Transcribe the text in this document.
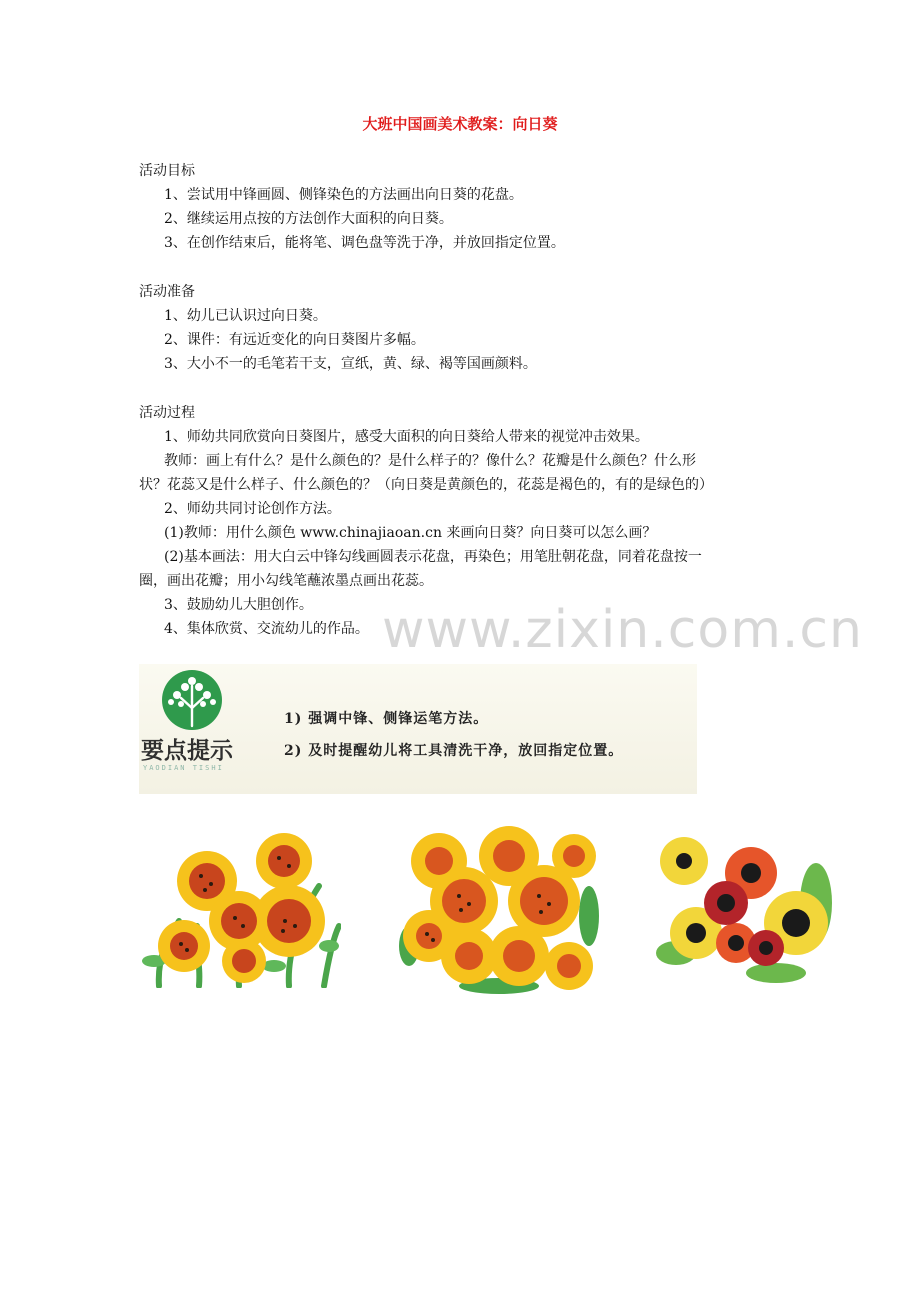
大班中国画美术教案：向日葵
活动目标
1、尝试用中锋画圆、侧锋染色的方法画出向日葵的花盘。
2、继续运用点按的方法创作大面积的向日葵。
3、在创作结束后，能将笔、调色盘等洗于净，并放回指定位置。
活动准备
1、幼儿已认识过向日葵。
2、课件：有远近变化的向日葵图片多幅。
3、大小不一的毛笔若干支，宣纸，黄、绿、褐等国画颜料。
活动过程
1、师幼共同欣赏向日葵图片，感受大面积的向日葵给人带来的视觉冲击效果。
教师：画上有什么？是什么颜色的？是什么样子的？像什么？花瓣是什么颜色？什么形
状？花蕊又是什么样子、什么颜色的？（向日葵是黄颜色的，花蕊是褐色的，有的是绿色的）
2、师幼共同讨论创作方法。
(1)教师：用什么颜色 www.chinajiaoan.cn 来画向日葵？向日葵可以怎么画？
(2)基本画法：用大白云中锋勾线画圆表示花盘，再染色；用笔肚朝花盘，同着花盘按一
圈，画出花瓣；用小勾线笔蘸浓墨点画出花蕊。
3、鼓励幼儿大胆创作。
4、集体欣赏、交流幼儿的作品。 www.zixin.com.cn
要点提示
YAODIAN TISHI
1) 强调中锋、侧锋运笔方法。
2) 及时提醒幼儿将工具清洗干净，放回指定位置。
